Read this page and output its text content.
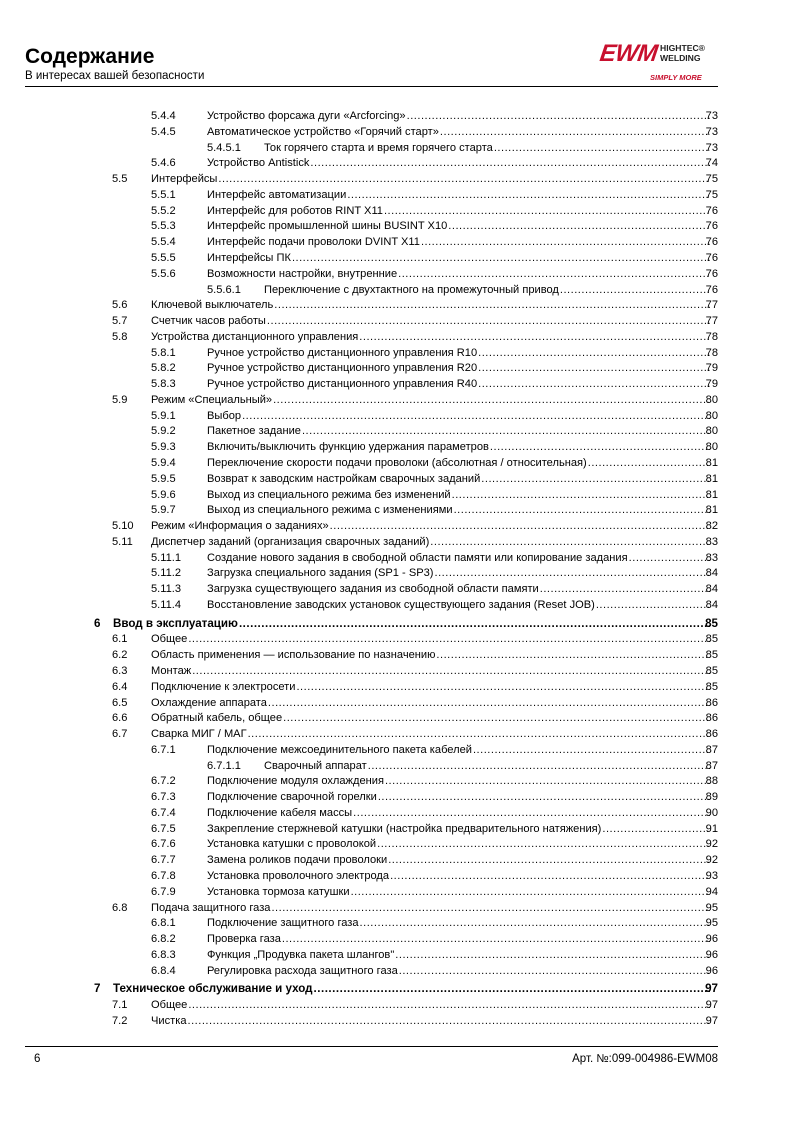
Содержание
В интересах вашей безопасности
EWM HIGHTEC®
WELDING
SIMPLY MORE
5.4.4	Устройство форсажа дуги «Arcforcing» .....	73
5.4.5	Автоматическое устройство «Горячий старт» .....	73
5.4.5.1 Ток горячего старта и время горячего старта .....	73
5.4.6	Устройство Antistick .....	74
5.5 Интерфейсы .....	75
5.5.1	Интерфейс автоматизации .....	75
5.5.2	Интерфейс для роботов RINT X11 .....	76
5.5.3	Интерфейс промышленной шины BUSINT X10 .....	76
5.5.4	Интерфейс подачи проволоки DVINT X11 .....	76
5.5.5	Интерфейсы ПК .....	76
5.5.6	Возможности настройки, внутренние .....	76
5.5.6.1 Переключение с двухтактного на промежуточный привод .....	76
5.6 Ключевой выключатель .....	77
5.7 Счетчик часов работы .....	77
5.8 Устройства дистанционного управления .....	78
5.8.1	Ручное устройство дистанционного управления R10 .....	78
5.8.2	Ручное устройство дистанционного управления R20 .....	79
5.8.3	Ручное устройство дистанционного управления R40 .....	79
5.9 Режим «Специальный» .....	80
5.9.1	Выбор .....	80
5.9.2	Пакетное задание .....	80
5.9.3	Включить/выключить функцию удержания параметров .....	80
5.9.4	Переключение скорости подачи проволоки (абсолютная / относительная) .....	81
5.9.5	Возврат к заводским настройкам сварочных заданий .....	81
5.9.6	Выход из специального режима без изменений .....	81
5.9.7	Выход из специального режима с изменениями .....	81
5.10 Режим «Информация о заданиях» .....	82
5.11 Диспетчер заданий (организация сварочных заданий) .....	83
5.11.1 Создание нового задания в свободной области памяти или копирование задания .....	83
5.11.2 Загрузка специального задания (SP1 - SP3) .....	84
5.11.3 Загрузка существующего задания из свободной области памяти .....	84
5.11.4 Восстановление заводских установок существующего задания (Reset JOB) .....	84
6 Ввод в эксплуатацию .....	85
6.1 Общее .....	85
6.2 Область применения — использование по назначению .....	85
6.3 Монтаж .....	85
6.4 Подключение к электросети .....	85
6.5 Охлаждение аппарата .....	86
6.6 Обратный кабель, общее .....	86
6.7 Сварка МИГ / МАГ .....	86
6.7.1	Подключение межсоединительного пакета кабелей .....	87
6.7.1.1 Сварочный аппарат .....	87
6.7.2	Подключение модуля охлаждения .....	88
6.7.3	Подключение сварочной горелки .....	89
6.7.4	Подключение кабеля массы .....	90
6.7.5	Закрепление стержневой катушки (настройка предварительного натяжения) .....	91
6.7.6	Установка катушки с проволокой .....	92
6.7.7	Замена роликов подачи проволоки .....	92
6.7.8	Установка проволочного электрода .....	93
6.7.9	Установка тормоза катушки .....	94
6.8 Подача защитного газа .....	95
6.8.1	Подключение защитного газа .....	95
6.8.2	Проверка газа .....	96
6.8.3	Функция „Продувка пакета шлангов" .....	96
6.8.4	Регулировка расхода защитного газа .....	96
7 Техническое обслуживание и уход .....	97
7.1 Общее .....	97
7.2 Чистка .....	97
6	Арт. №:099-004986-EWM08
